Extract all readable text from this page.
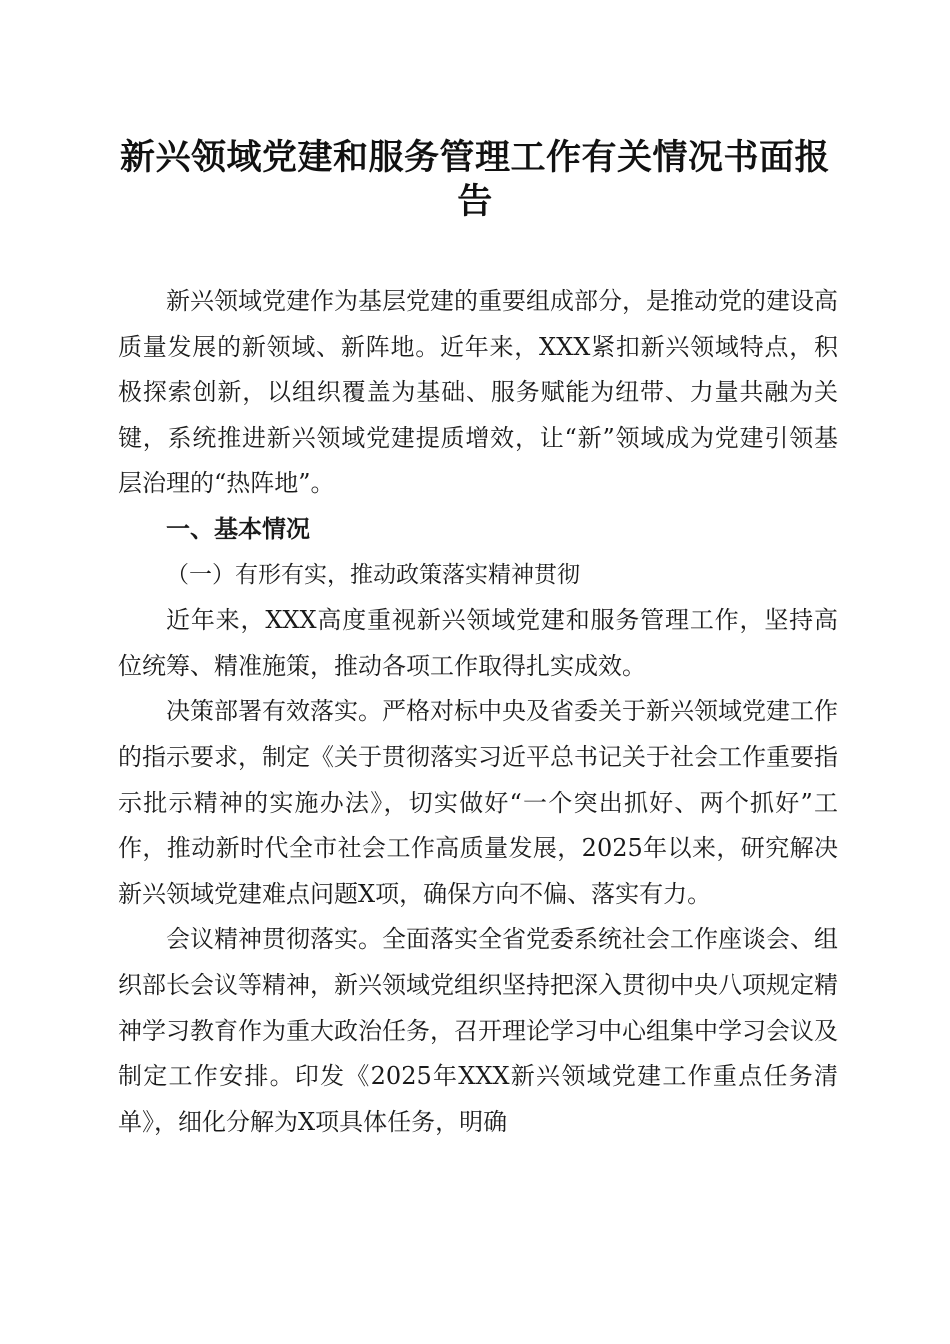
新兴领域党建和服务管理工作有关情况书面报告

新兴领域党建作为基层党建的重要组成部分，是推动党的建设高质量发展的新领域、新阵地。近年来，XXX紧扣新兴领域特点，积极探索创新，以组织覆盖为基础、服务赋能为纽带、力量共融为关键，系统推进新兴领域党建提质增效，让“新”领域成为党建引领基层治理的“热阵地”。

一、基本情况
（一）有形有实，推动政策落实精神贯彻

近年来，XXX高度重视新兴领域党建和服务管理工作，坚持高位统筹、精准施策，推动各项工作取得扎实成效。

决策部署有效落实。严格对标中央及省委关于新兴领域党建工作的指示要求，制定《关于贯彻落实习近平总书记关于社会工作重要指示批示精神的实施办法》，切实做好“一个突出抓好、两个抓好”工作，推动新时代全市社会工作高质量发展，2025年以来，研究解决新兴领域党建难点问题X项，确保方向不偏、落实有力。

会议精神贯彻落实。全面落实全省党委系统社会工作座谈会、组织部长会议等精神，新兴领域党组织坚持把深入贯彻中央八项规定精神学习教育作为重大政治任务，召开理论学习中心组集中学习会议及制定工作安排。印发《2025年XXX新兴领域党建工作重点任务清单》，细化分解为X项具体任务，明确
